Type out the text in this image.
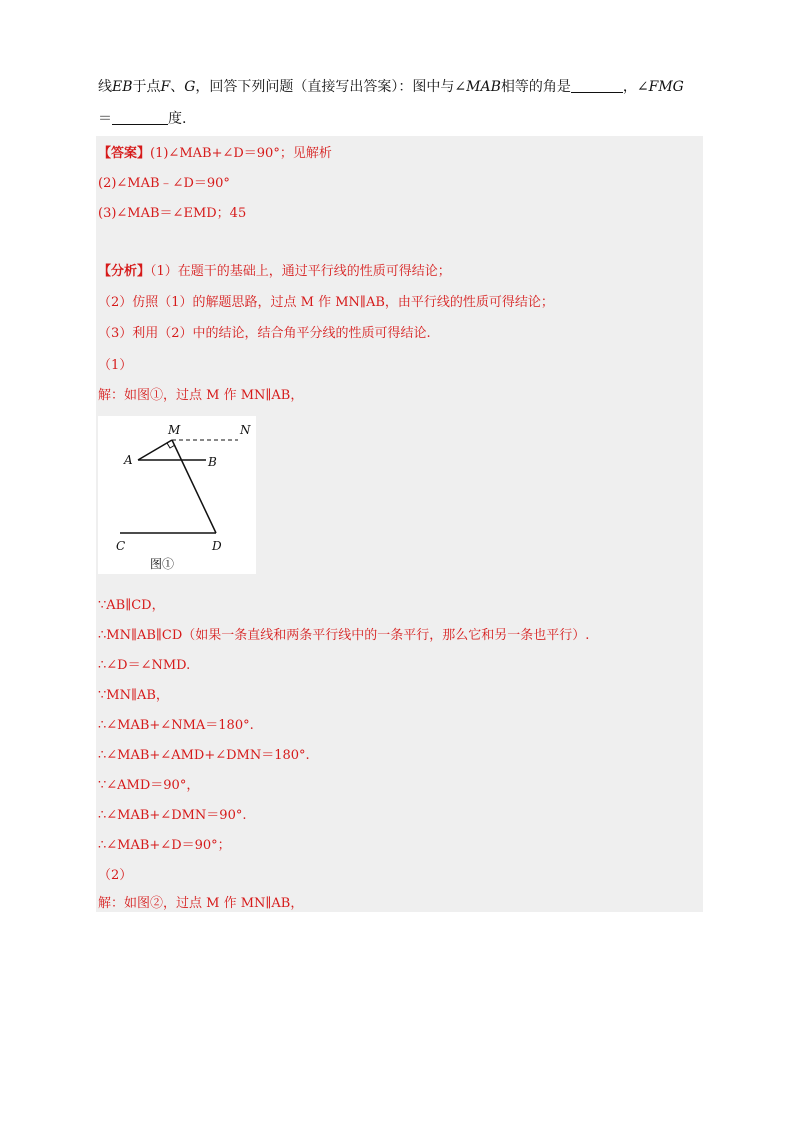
线EB于点F、G，回答下列问题（直接写出答案）：图中与∠MAB相等的角是	，∠FMG
＝	度.
【答案】(1)∠MAB+∠D＝90°；见解析
(2)∠MAB﹣∠D＝90°
(3)∠MAB＝∠EMD；45
【分析】（1）在题干的基础上，通过平行线的性质可得结论；
（2）仿照（1）的解题思路，过点 M 作 MN∥AB，由平行线的性质可得结论；
（3）利用（2）中的结论，结合角平分线的性质可得结论.
（1）
解：如图①，过点 M 作 MN∥AB，
M	N
A	B
C	D
图①
∵AB∥CD，
∴MN∥AB∥CD（如果一条直线和两条平行线中的一条平行，那么它和另一条也平行）.
∴∠D＝∠NMD.
∵MN∥AB，
∴∠MAB+∠NMA＝180°.
∴∠MAB+∠AMD+∠DMN＝180°.
∵∠AMD＝90°，
∴∠MAB+∠DMN＝90°.
∴∠MAB+∠D＝90°；
（2）
解：如图②，过点 M 作 MN∥AB，
